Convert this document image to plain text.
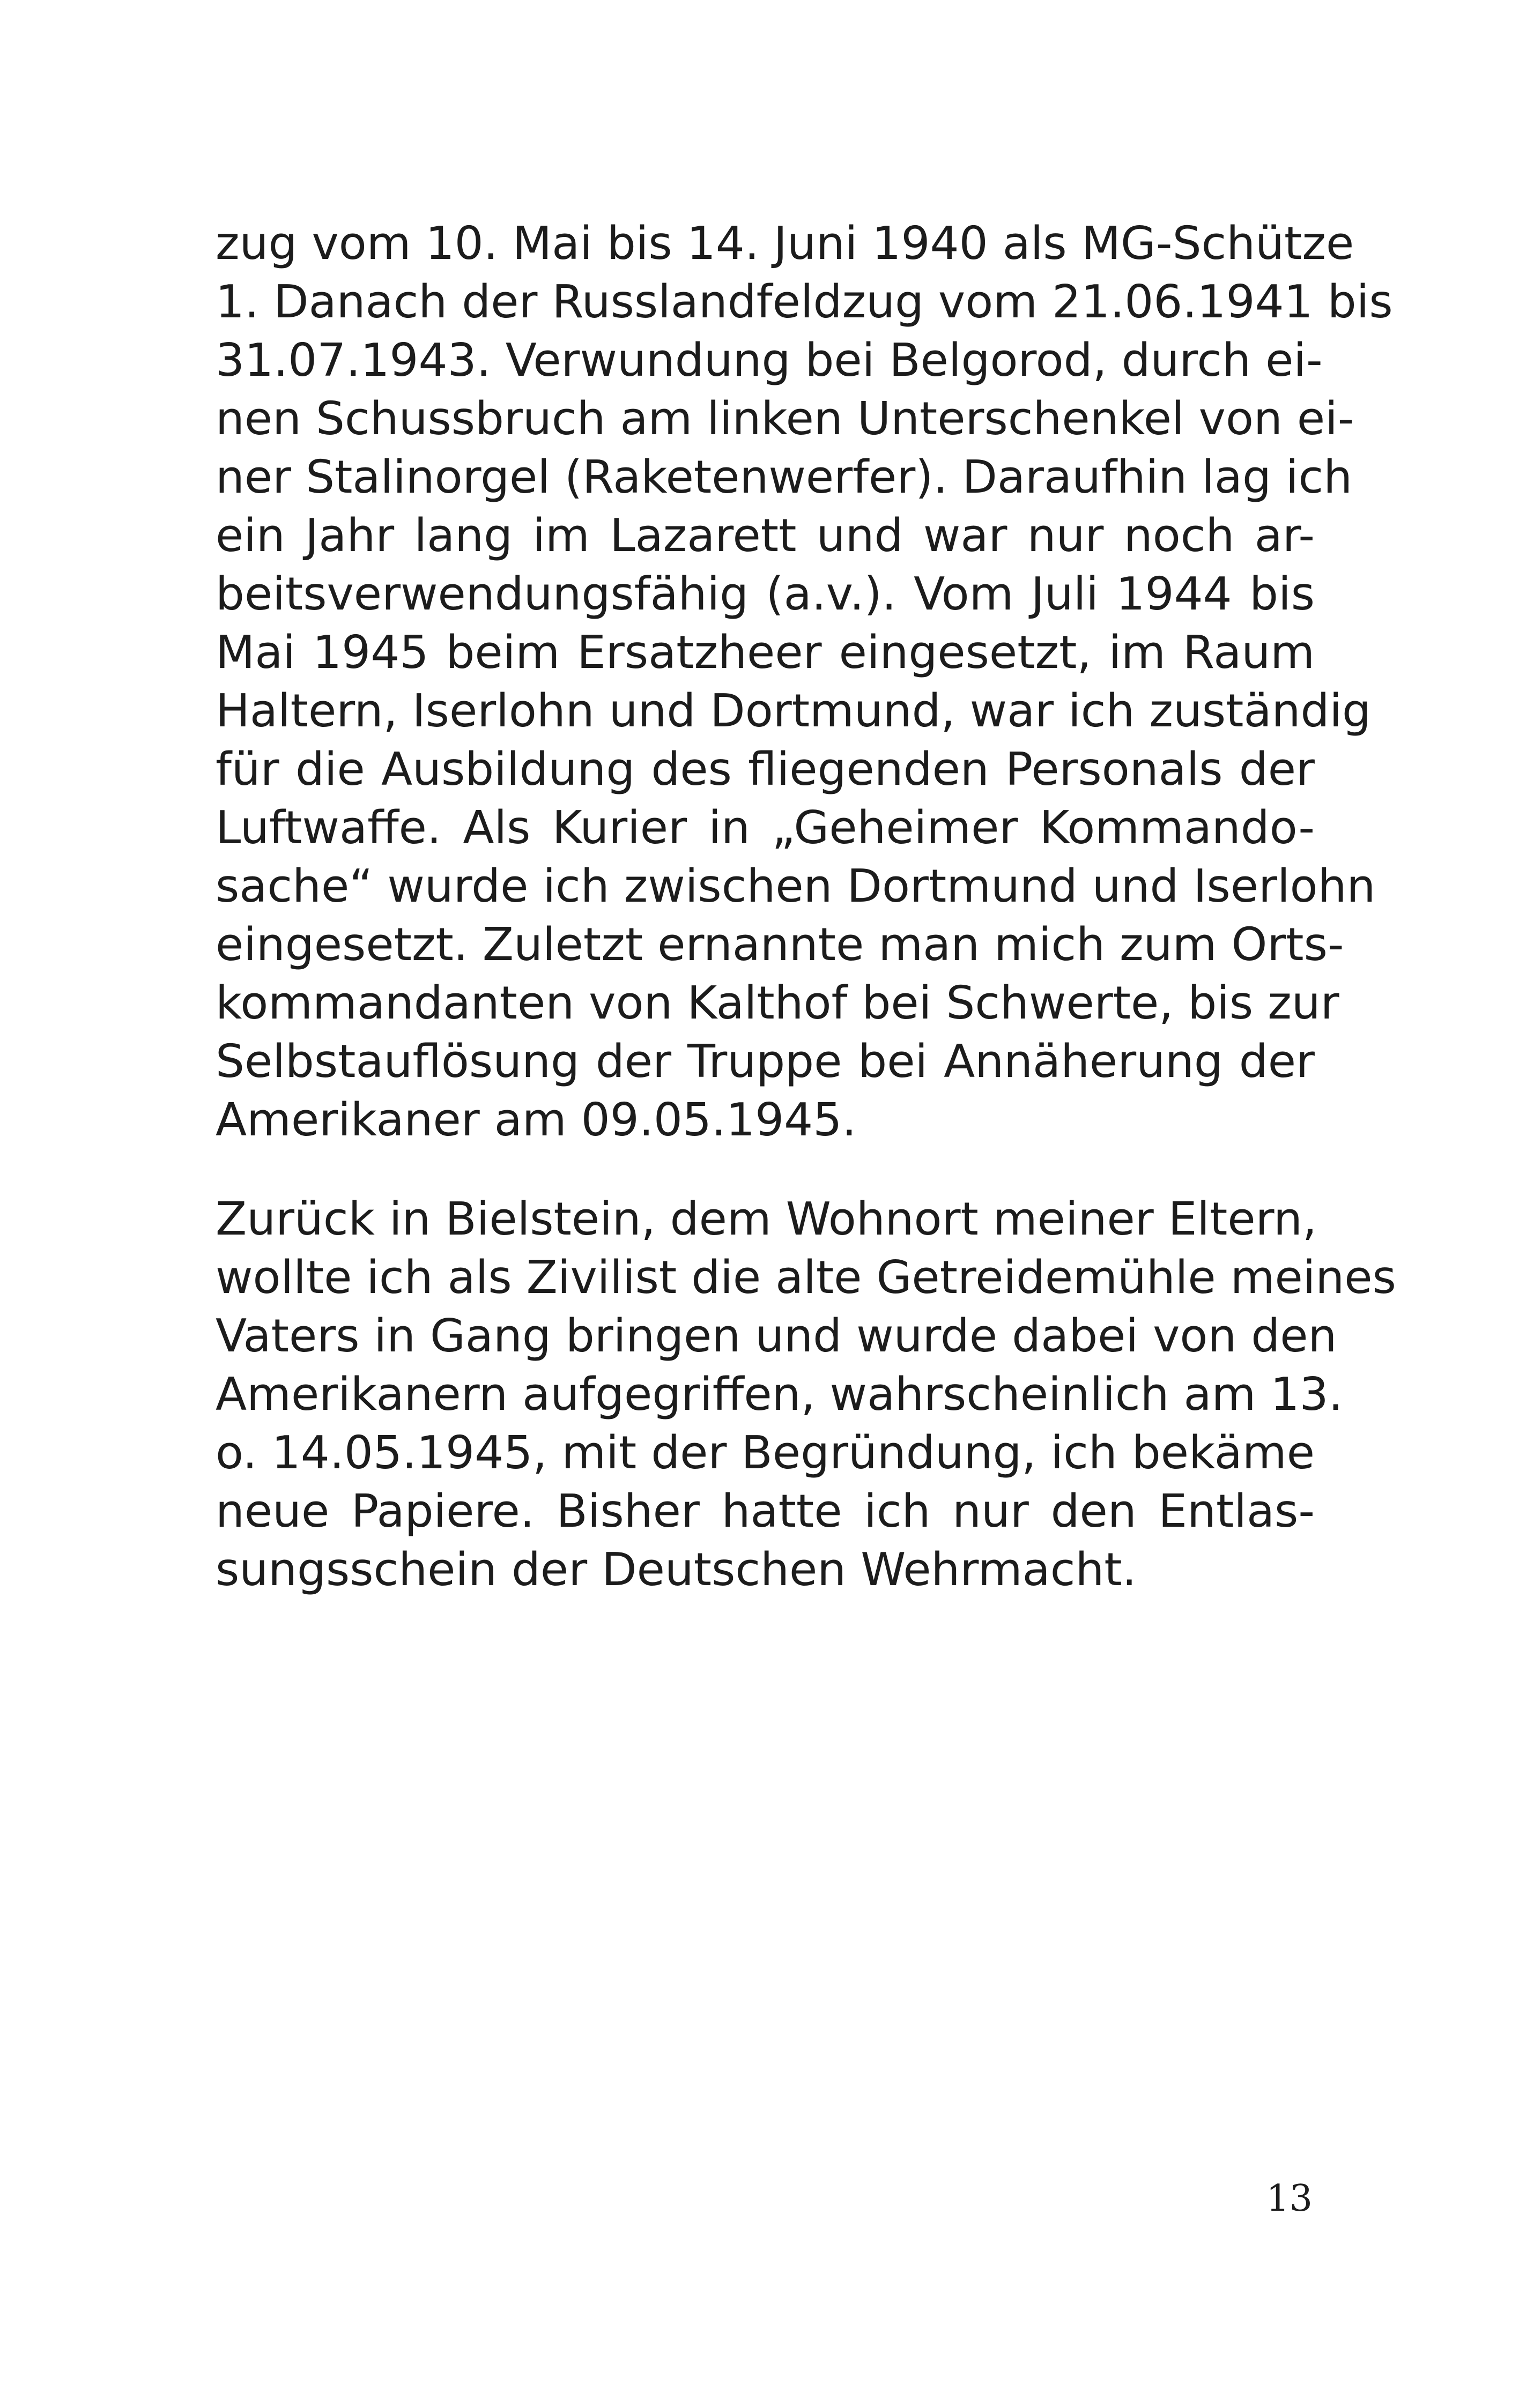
zug vom 10. Mai bis 14. Juni 1940 als MG-Schütze
1. Danach der Russlandfeldzug vom 21.06.1941 bis
31.07.1943. Verwundung bei Belgorod, durch ei-
nen Schussbruch am linken Unterschenkel von ei-
ner Stalinorgel (Raketenwerfer). Daraufhin lag ich
ein Jahr lang im Lazarett und war nur noch ar-
beitsverwendungsfähig (a.v.). Vom Juli 1944 bis
Mai 1945 beim Ersatzheer eingesetzt, im Raum
Haltern, Iserlohn und Dortmund, war ich zuständig
für die Ausbildung des fliegenden Personals der
Luftwaffe. Als Kurier in „Geheimer Kommando-
sache“ wurde ich zwischen Dortmund und Iserlohn
eingesetzt. Zuletzt ernannte man mich zum Orts-
kommandanten von Kalthof bei Schwerte, bis zur
Selbstauflösung der Truppe bei Annäherung der
Amerikaner am 09.05.1945.
Zurück in Bielstein, dem Wohnort meiner Eltern,
wollte ich als Zivilist die alte Getreidemühle meines
Vaters in Gang bringen und wurde dabei von den
Amerikanern aufgegriffen, wahrscheinlich am 13.
o. 14.05.1945, mit der Begründung, ich bekäme
neue Papiere. Bisher hatte ich nur den Entlas-
sungsschein der Deutschen Wehrmacht.
13
